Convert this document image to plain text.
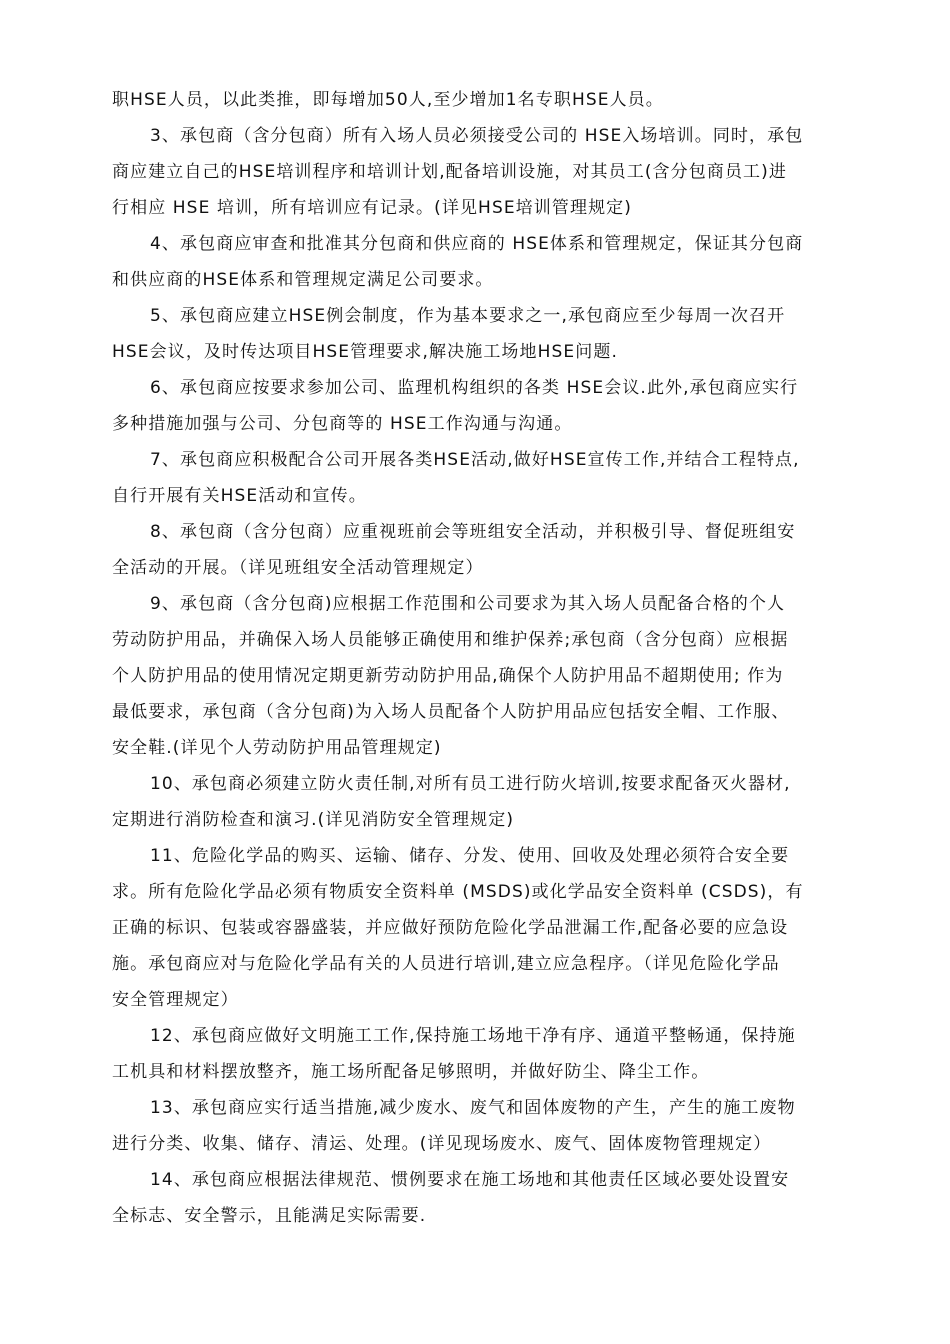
职HSE人员，以此类推，即每增加50人,至少增加1名专职HSE人员。
3、承包商（含分包商）所有入场人员必须接受公司的 HSE入场培训。同时，承包
商应建立自己的HSE培训程序和培训计划,配备培训设施，对其员工(含分包商员工)进
行相应 HSE 培训，所有培训应有记录。(详见HSE培训管理规定)
4、承包商应审查和批准其分包商和供应商的 HSE体系和管理规定，保证其分包商
和供应商的HSE体系和管理规定满足公司要求。
5、承包商应建立HSE例会制度，作为基本要求之一,承包商应至少每周一次召开
HSE会议，及时传达项目HSE管理要求,解决施工场地HSE问题.
6、承包商应按要求参加公司、监理机构组织的各类 HSE会议.此外,承包商应实行
多种措施加强与公司、分包商等的 HSE工作沟通与沟通。
7、承包商应积极配合公司开展各类HSE活动,做好HSE宣传工作,并结合工程特点,
自行开展有关HSE活动和宣传。
8、承包商（含分包商）应重视班前会等班组安全活动，并积极引导、督促班组安
全活动的开展。（详见班组安全活动管理规定）
9、承包商（含分包商)应根据工作范围和公司要求为其入场人员配备合格的个人
劳动防护用品，并确保入场人员能够正确使用和维护保养;承包商（含分包商）应根据
个人防护用品的使用情况定期更新劳动防护用品,确保个人防护用品不超期使用; 作为
最低要求，承包商（含分包商)为入场人员配备个人防护用品应包括安全帽、工作服、
安全鞋.(详见个人劳动防护用品管理规定)
10、承包商必须建立防火责任制,对所有员工进行防火培训,按要求配备灭火器材,
定期进行消防检查和演习.(详见消防安全管理规定)
11、危险化学品的购买、运输、储存、分发、使用、回收及处理必须符合安全要
求。所有危险化学品必须有物质安全资料单 (MSDS)或化学品安全资料单 (CSDS)，有
正确的标识、包装或容器盛装，并应做好预防危险化学品泄漏工作,配备必要的应急设
施。承包商应对与危险化学品有关的人员进行培训,建立应急程序。（详见危险化学品
安全管理规定）
12、承包商应做好文明施工工作,保持施工场地干净有序、通道平整畅通，保持施
工机具和材料摆放整齐，施工场所配备足够照明，并做好防尘、降尘工作。
13、承包商应实行适当措施,减少废水、废气和固体废物的产生，产生的施工废物
进行分类、收集、储存、清运、处理。(详见现场废水、废气、固体废物管理规定）
14、承包商应根据法律规范、惯例要求在施工场地和其他责任区域必要处设置安
全标志、安全警示，且能满足实际需要.
